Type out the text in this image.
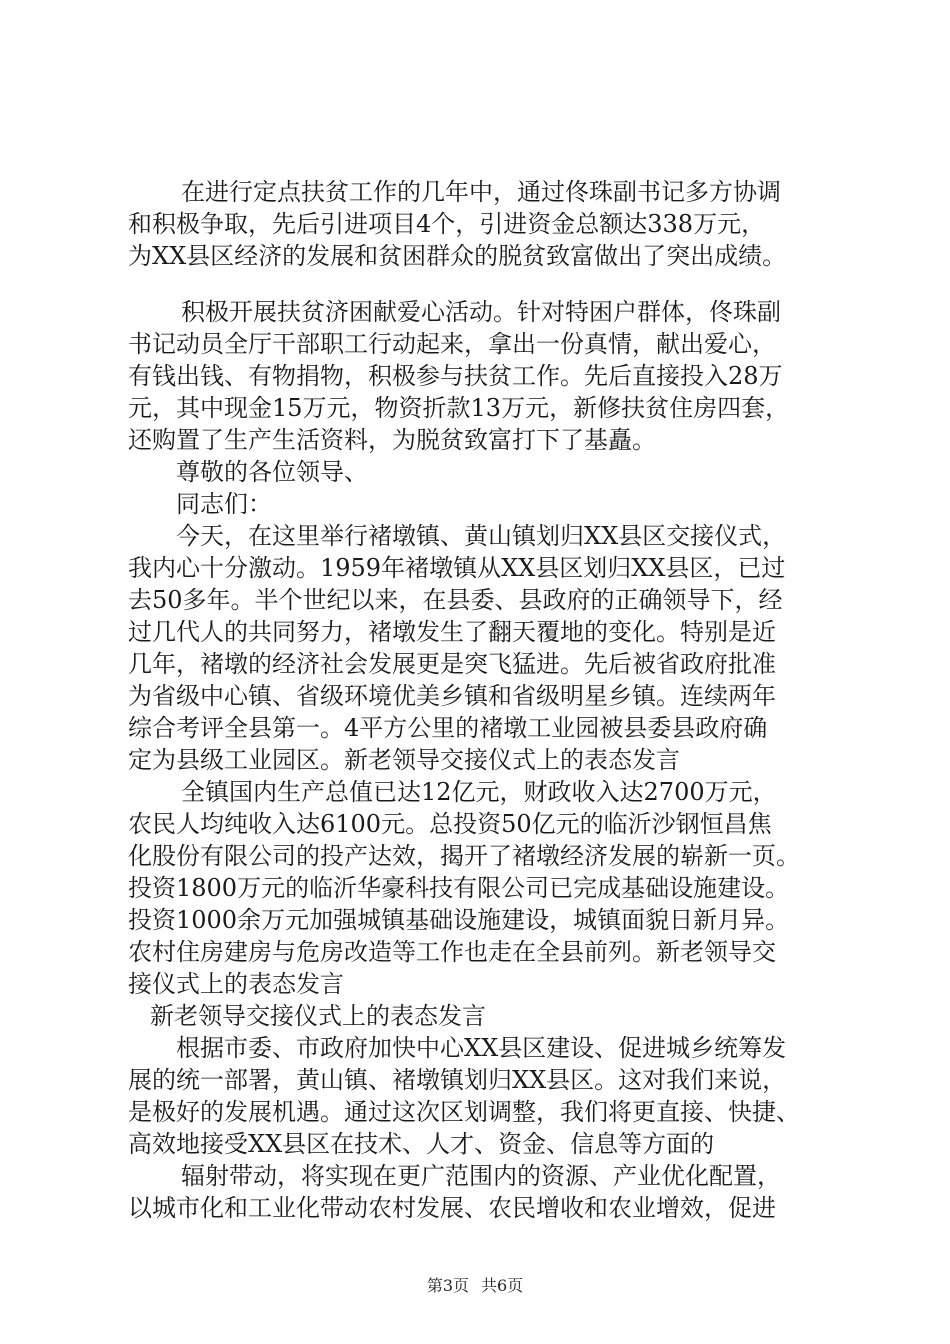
在进行定点扶贫工作的几年中，通过佟珠副书记多方协调

和积极争取，先后引进项目4个，引进资金总额达338万元，

为XX县区经济的发展和贫困群众的脱贫致富做出了突出成绩。

积极开展扶贫济困献爱心活动。针对特困户群体，佟珠副

书记动员全厅干部职工行动起来，拿出一份真情，献出爱心，

有钱出钱、有物捐物，积极参与扶贫工作。先后直接投入28万

元，其中现金15万元，物资折款13万元，新修扶贫住房四套，

还购置了生产生活资料，为脱贫致富打下了基矗。

尊敬的各位领导、

同志们：

今天，在这里举行褚墩镇、黄山镇划归XX县区交接仪式，

我内心十分激动。1959年褚墩镇从XX县区划归XX县区，已过

去50多年。半个世纪以来，在县委、县政府的正确领导下，经

过几代人的共同努力，褚墩发生了翻天覆地的变化。特别是近

几年，褚墩的经济社会发展更是突飞猛进。先后被省政府批准

为省级中心镇、省级环境优美乡镇和省级明星乡镇。连续两年

综合考评全县第一。4平方公里的褚墩工业园被县委县政府确

定为县级工业园区。新老领导交接仪式上的表态发言

全镇国内生产总值已达12亿元，财政收入达2700万元，

农民人均纯收入达6100元。总投资50亿元的临沂沙钢恒昌焦

化股份有限公司的投产达效，揭开了褚墩经济发展的崭新一页。

投资1800万元的临沂华豪科技有限公司已完成基础设施建设。

投资1000余万元加强城镇基础设施建设，城镇面貌日新月异。

农村住房建房与危房改造等工作也走在全县前列。新老领导交

接仪式上的表态发言

新老领导交接仪式上的表态发言

根据市委、市政府加快中心XX县区建设、促进城乡统筹发

展的统一部署，黄山镇、褚墩镇划归XX县区。这对我们来说，

是极好的发展机遇。通过这次区划调整，我们将更直接、快捷、

高效地接受XX县区在技术、人才、资金、信息等方面的

辐射带动，将实现在更广范围内的资源、产业优化配置，

以城市化和工业化带动农村发展、农民增收和农业增效，促进

第3页 共6页
